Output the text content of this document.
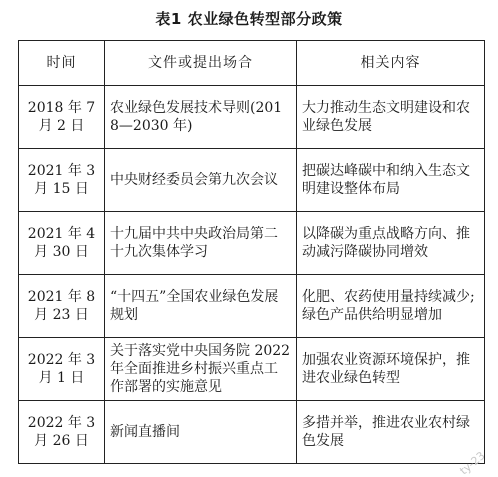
表1 农业绿色转型部分政策
时间	文件或提出场合	相关内容
2018 年 7 月 2 日	农业绿色发展技术导则(2018—2030 年)	大力推动生态文明建设和农业绿色发展
2021 年 3 月 15 日	中央财经委员会第九次会议	把碳达峰碳中和纳入生态文明建设整体布局
2021 年 4 月 30 日	十九届中共中央政治局第二十九次集体学习	以降碳为重点战略方向、推动减污降碳协同增效
2021 年 8 月 23 日	“十四五”全国农业绿色发展规划	化肥、农药使用量持续减少;绿色产品供给明显增加
2022 年 3 月 1 日	关于落实党中央国务院 2022 年全面推进乡村振兴重点工作部署的实施意见	加强农业资源环境保护，推进农业绿色转型
2022 年 3 月 26 日	新闻直播间	多措并举，推进农业农村绿色发展
ty-23
